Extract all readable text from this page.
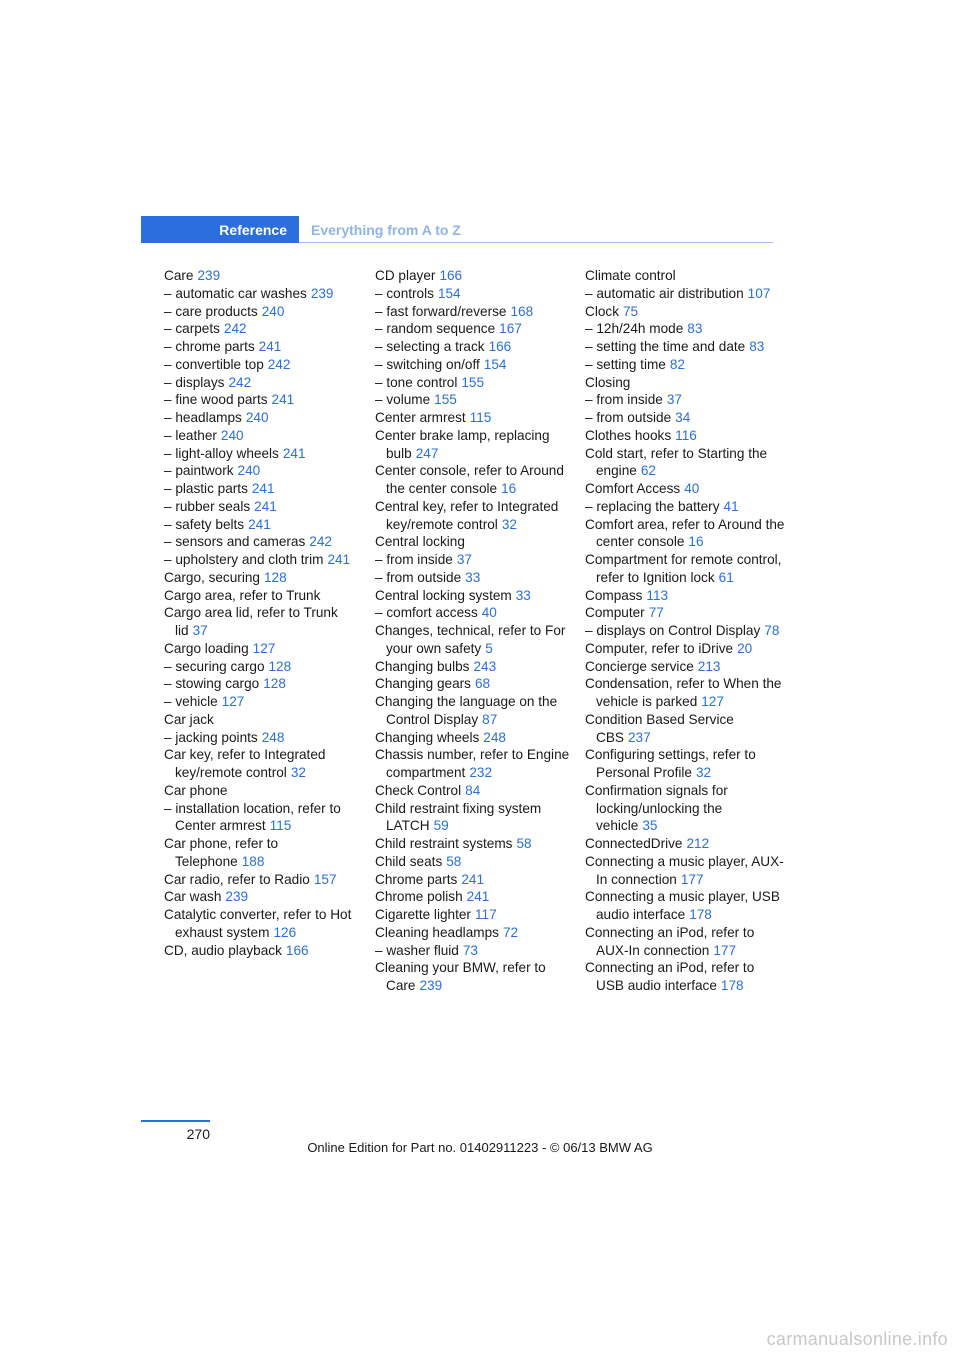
Reference	Everything from A to Z

Care 239

– automatic car washes 239

– care products 240

– carpets 242

– chrome parts 241

– convertible top 242

– displays 242

– fine wood parts 241

– headlamps 240

– leather 240

– light-alloy wheels 241

– paintwork 240

– plastic parts 241

– rubber seals 241

– safety belts 241

– sensors and cameras 242

– upholstery and cloth trim 241

Cargo, securing 128

Cargo area, refer to Trunk

Cargo area lid, refer to Trunk lid 37

Cargo loading 127

– securing cargo 128

– stowing cargo 128

– vehicle 127

Car jack

– jacking points 248

Car key, refer to Integrated key/remote control 32

Car phone

– installation location, refer to Center armrest 115

Car phone, refer to Telephone 188

Car radio, refer to Radio 157

Car wash 239

Catalytic converter, refer to Hot exhaust system 126

CD, audio playback 166

CD player 166

– controls 154

– fast forward/reverse 168

– random sequence 167

– selecting a track 166

– switching on/off 154

– tone control 155

– volume 155

Center armrest 115

Center brake lamp, replacing bulb 247

Center console, refer to Around the center console 16

Central key, refer to Integrated key/remote control 32

Central locking

– from inside 37

– from outside 33

Central locking system 33

– comfort access 40

Changes, technical, refer to For your own safety 5

Changing bulbs 243

Changing gears 68

Changing the language on the Control Display 87

Changing wheels 248

Chassis number, refer to Engine compartment 232

Check Control 84

Child restraint fixing system LATCH 59

Child restraint systems 58

Child seats 58

Chrome parts 241

Chrome polish 241

Cigarette lighter 117

Cleaning headlamps 72

– washer fluid 73

Cleaning your BMW, refer to Care 239

Climate control

– automatic air distribution 107

Clock 75

– 12h/24h mode 83

– setting the time and date 83

– setting time 82

Closing

– from inside 37

– from outside 34

Clothes hooks 116

Cold start, refer to Starting the engine 62

Comfort Access 40

– replacing the battery 41

Comfort area, refer to Around the center console 16

Compartment for remote control, refer to Ignition lock 61

Compass 113

Computer 77

– displays on Control Display 78

Computer, refer to iDrive 20

Concierge service 213

Condensation, refer to When the vehicle is parked 127

Condition Based Service CBS 237

Configuring settings, refer to Personal Profile 32

Confirmation signals for locking/unlocking the vehicle 35

ConnectedDrive 212

Connecting a music player, AUX-In connection 177

Connecting a music player, USB audio interface 178

Connecting an iPod, refer to AUX-In connection 177

Connecting an iPod, refer to USB audio interface 178

270
Online Edition for Part no. 01402911223 - © 06/13 BMW AG
carmanualsonline.info
